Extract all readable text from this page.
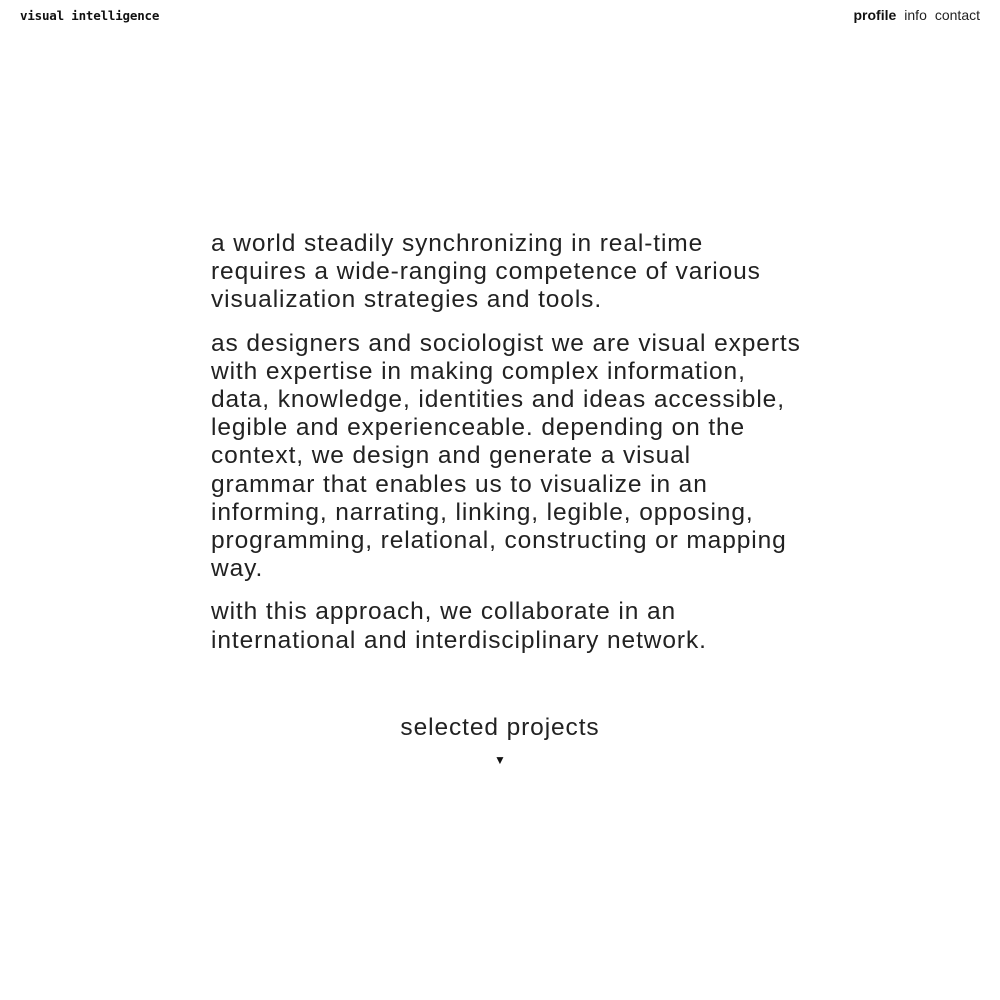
visual intelligence	profile info contact

a world steadily synchronizing in real-time requires a wide-ranging competence of various visualization strategies and tools.

as designers and sociologist we are visual experts with expertise in making complex information, data, knowledge, identities and ideas accessible, legible and experienceable. depending on the context, we design and generate a visual grammar that enables us to visualize in an informing, narrating, linking, legible, opposing, programming, relational, constructing or mapping way.

with this approach, we collaborate in an international and interdisciplinary network.

selected projects
▼
